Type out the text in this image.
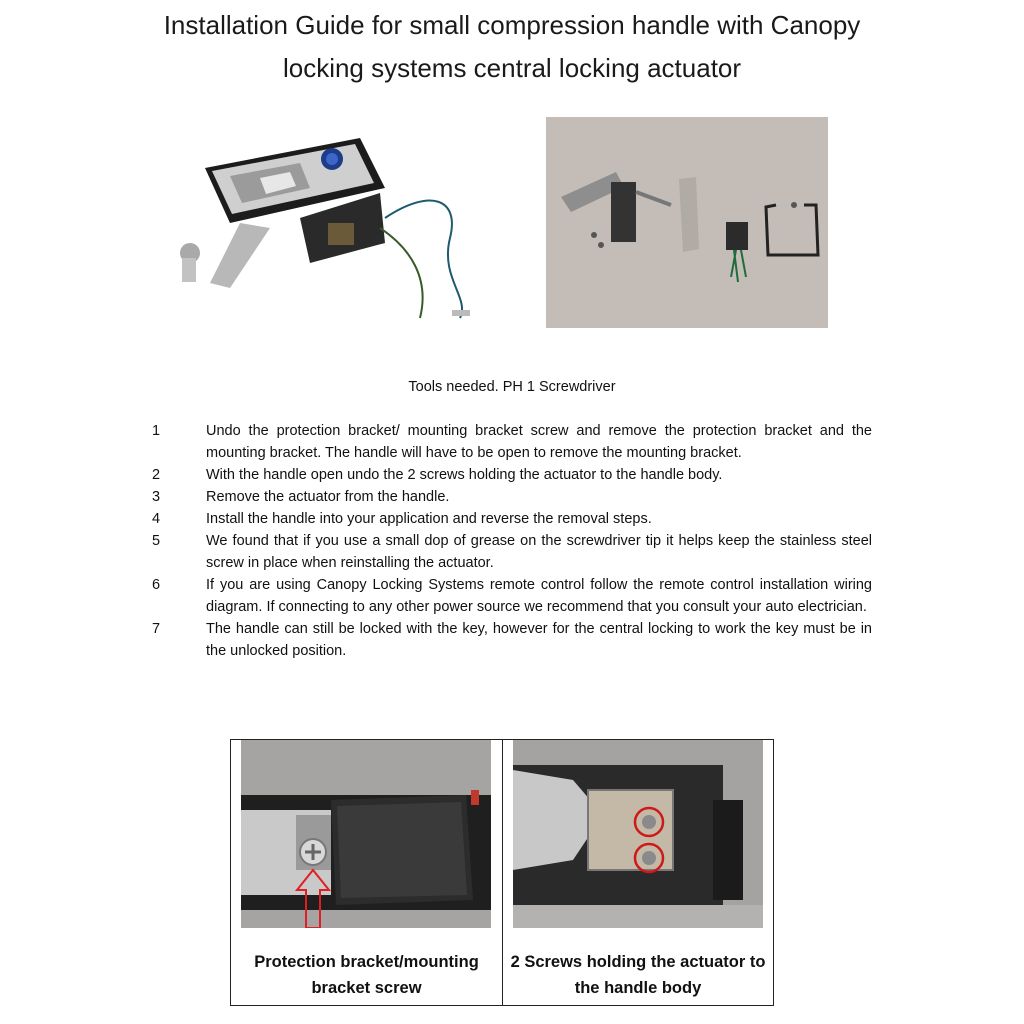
Installation Guide for small compression handle with Canopy
locking systems central locking actuator
Tools needed. PH 1 Screwdriver
1	Undo the protection bracket/ mounting bracket screw and remove the protection bracket and the mounting bracket. The handle will have to be open to remove the mounting bracket.
2	With the handle open undo the 2 screws holding the actuator to the handle body.
3	Remove the actuator from the handle.
4	Install the handle into your application and reverse the removal steps.
5	We found that if you use a small dop of grease on the screwdriver tip it helps keep the stainless steel screw in place when reinstalling the actuator.
6	If you are using Canopy Locking Systems remote control follow the remote control installation wiring diagram. If connecting to any other power source we recommend that you consult your auto electrician.
7	The handle can still be locked with the key, however for the central locking to work the key must be in the unlocked position.
Protection bracket/mounting bracket screw
2 Screws holding the actuator to the handle body
